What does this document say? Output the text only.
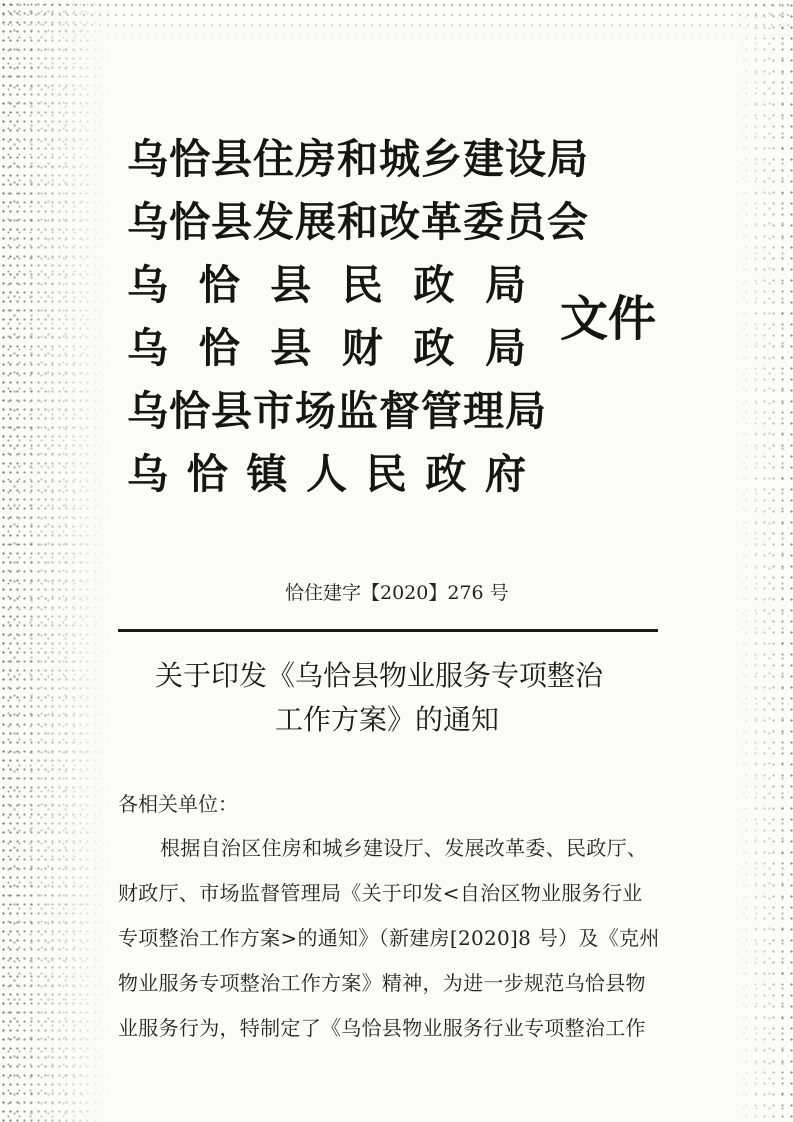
乌恰县住房和城乡建设局
乌恰县发展和改革委员会
乌 恰 县 民 政 局
乌 恰 县 财 政 局
乌恰县市场监督管理局
乌 恰 镇 人 民 政 府
文件
恰住建字【2020】276 号
关于印发《乌恰县物业服务专项整治
工作方案》的通知
各相关单位：
根据自治区住房和城乡建设厅、发展改革委、民政厅、
财政厅、市场监督管理局《关于印发<自治区物业服务行业
专项整治工作方案>的通知》（新建房[2020]8 号）及《克州
物业服务专项整治工作方案》精神，为进一步规范乌恰县物
业服务行为，特制定了《乌恰县物业服务行业专项整治工作
